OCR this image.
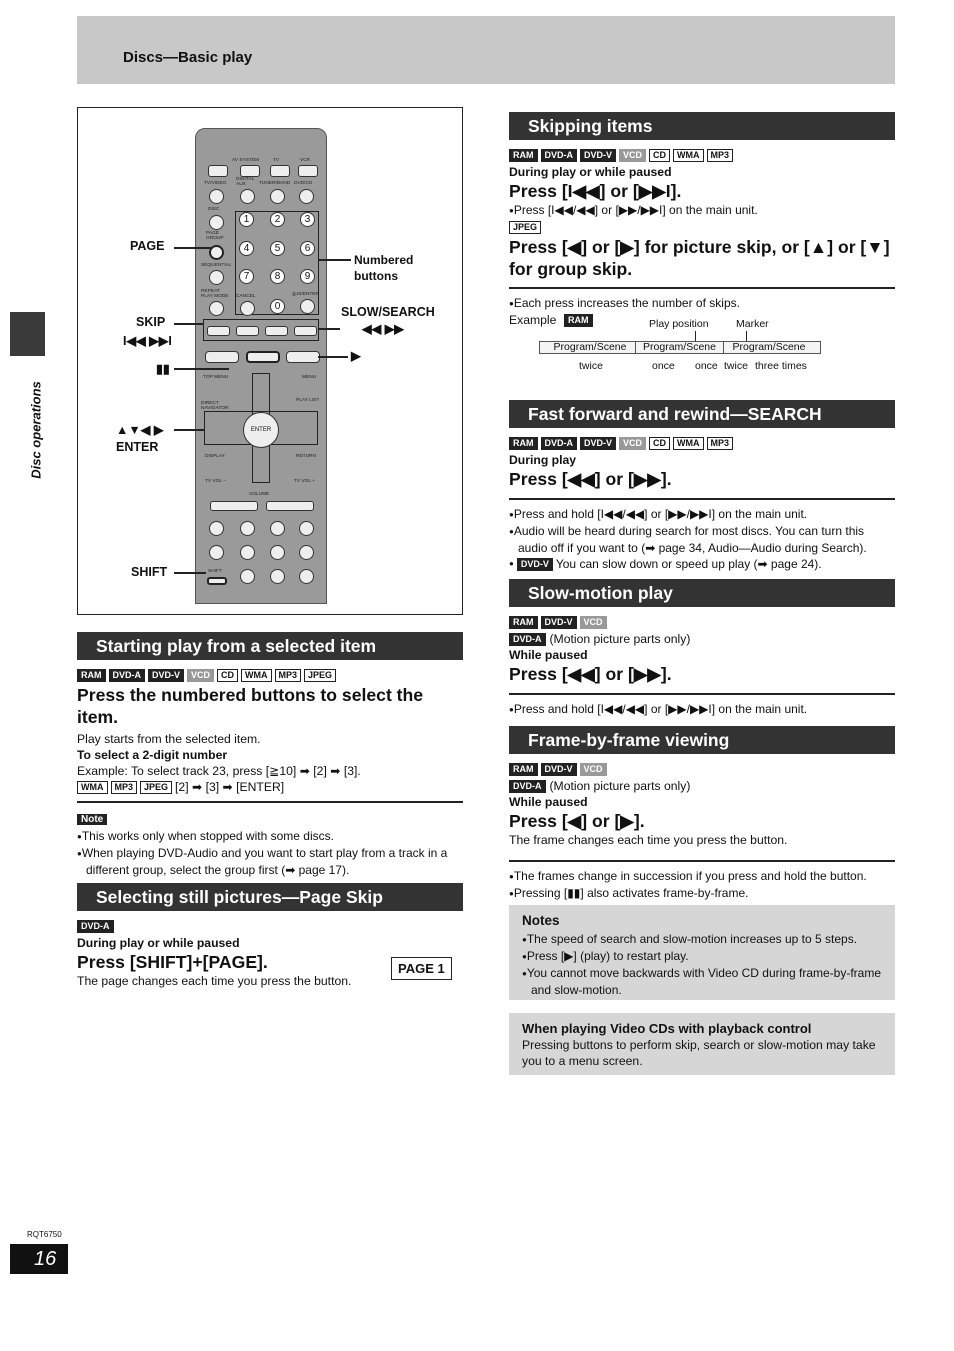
Discs—Basic play
Disc operations
AV SYSTEM	TV	VCR
TV/VIDEO
DIGITAL AUX	TUNER/BAND DVD/CD
DISC
1	2	3
4	5	6
7	8	9
0
≧10/ENTER
PAGE GROUP
SEQUENTIAL
REPEAT PLAY MODE	CANCEL
TOP MENU	MENU
DIRECT NAVIGATOR
PLAY LIST
ENTER
DISPLAY	RETURN
TV VOL −	TV VOL +
VOLUME
SHIFT
PAGE
SKIP
I◀◀ ▶▶I
▮▮
▲▼◀ ▶
ENTER
SHIFT
Numbered buttons
SLOW/SEARCH
◀◀ ▶▶
▶
Starting play from a selected item
RAM	DVD-A	DVD-V	VCD	CD	WMA	MP3	JPEG
Press the numbered buttons to select the item.
Play starts from the selected item.
To select a 2-digit number
Example: To select track 23, press [≧10] ➡ [2] ➡ [3].
WMA	MP3	JPEG [2] ➡ [3] ➡ [ENTER]
Note
● This works only when stopped with some discs.
● When playing DVD-Audio and you want to start play from a track in a different group, select the group first (➡ page 17).
Selecting still pictures—Page Skip
DVD-A
During play or while paused
Press [SHIFT]+[PAGE].
The page changes each time you press the button.
PAGE 1
Skipping items
RAM	DVD-A	DVD-V	VCD	CD	WMA	MP3
During play or while paused
Press [I◀◀] or [▶▶I].
● Press [I◀◀/◀◀] or [▶▶/▶▶I] on the main unit.
JPEG
Press [◀] or [▶] for picture skip, or [▲] or [▼] for group skip.
● Each press increases the number of skips.
Example	RAM	Play position	Marker
Program/Scene	Program/Scene	Program/Scene
twice	once once twice three times
Fast forward and rewind—SEARCH
RAM	DVD-A	DVD-V	VCD	CD	WMA	MP3
During play
Press [◀◀] or [▶▶].
● Press and hold [I◀◀/◀◀] or [▶▶/▶▶I] on the main unit.
● Audio will be heard during search for most discs. You can turn this audio off if you want to (➡ page 34, Audio—Audio during Search).
● DVD-V You can slow down or speed up play (➡ page 24).
Slow-motion play
RAM	DVD-V	VCD
DVD-A (Motion picture parts only)
While paused
Press [◀◀] or [▶▶].
● Press and hold [I◀◀/◀◀] or [▶▶/▶▶I] on the main unit.
Frame-by-frame viewing
RAM	DVD-V	VCD
DVD-A (Motion picture parts only)
While paused
Press [◀] or [▶].
The frame changes each time you press the button.
● The frames change in succession if you press and hold the button.
● Pressing [▮▮] also activates frame-by-frame.
Notes
● The speed of search and slow-motion increases up to 5 steps.
● Press [▶] (play) to restart play.
● You cannot move backwards with Video CD during frame-by-frame and slow-motion.
When playing Video CDs with playback control
Pressing buttons to perform skip, search or slow-motion may take you to a menu screen.
RQT6750
16
